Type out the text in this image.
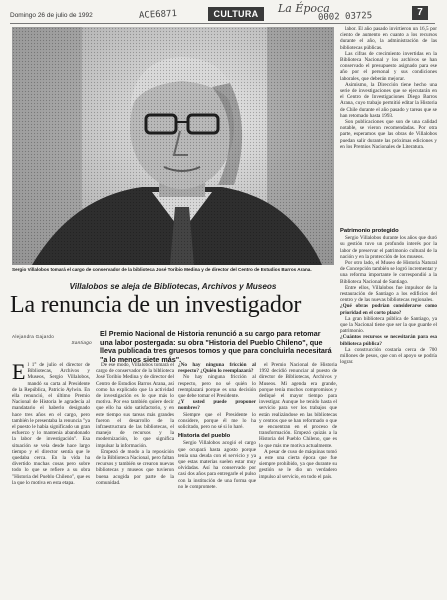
Domingo 26 de julio de 1992	ACE6871	CULTURA	La Época
0002 03725	7
Sergio Villalobos tomará el cargo de conservador de la biblioteca José Toribio Medina y de director del Centro de Estudios Barros Arana.

labor. El año pasado invirtieron un 16,5 por ciento de aumento en cuanto a los recursos durante el año, la administración de las bibliotecas públicas.

Las cifras de crecimiento invertidas en la Biblioteca Nacional y los archivos se han conservado el presupuesto asignado para ese año por el personal y sus condiciones laborales, que deberán mejorar.

Asimismo, la Dirección tiene hecho una serie de investigaciones que se ejecutarán en el Centro de Investigaciones Diego Barros Arana, cuyo trabajo permitió editar la Historia de Chile durante el año pasado y tareas que se han retomado hasta 1993.

Son publicaciones que son de una calidad notable, se vieron recomendadas. Por otra parte, esperamos que las obras de Villalobos puedan salir durante las próximas ediciones y en los Premios Nacionales de Literatura.

Villalobos se aleja de Bibliotecas, Archivos y Museos
La renuncia de un investigador
Alejandra Gajardo
Santiago
El Premio Nacional de Historia renunció a su cargo para retomar una labor postergada: su obra "Historia del Pueblo Chileno", que lleva publicada tres gruesos tomos y que para concluirla necesitará "a lo menos siete más".
E l 1° de julio el director de Bibliotecas, Archivos y Museos, Sergio Villalobos, mandó su carta al Presidente de la República, Patricio Aylwin. En ella renunció, el último Premio Nacional de Historia le agradecía al mandatario el haberlo designado hace tres años en el cargo, pero también le presentaba la renuncia "ya el puesto le había significado un gran esfuerzo y lo mantenía abandonado la labor de investigación". Esa situación se veía desde hace largo tiempo y el director sentía que le quedaba cerca. En la vida ha divertido muchas cosas pero sobre todo lo que se refiere a su obra "Historia del Pueblo Chileno", que es la que lo motiva en esta etapa.

De ese modo, Villalobos tomará el cargo de conservador de la biblioteca José Toribio Medina y de director del Centro de Estudios Barros Arana, así como ha explicado que la actividad de investigación es lo que más lo motiva. Por eso también quiere decir que ello ha sido satisfactorio, y en este tiempo sus tareas más grandes fueron el desarrollo de la infraestructura de las bibliotecas, el manejo de recursos y la modernización, lo que significa impulsar la información.

Empezó de modo a la reposición de la Biblioteca Nacional, pero faltan recursos y también se crearon nuevas bibliotecas y museos que tuvieron buena acogida por parte de la comunidad.

¿No hay ninguna fricción al respecto? ¿Quién lo reemplazará?

No hay ninguna fricción al respecto, pero no sé quién lo reemplazará porque es una decisión que debe tomar el Presidente.

¿Y usted puede proponer nombres?

Siempre que el Presidente lo considere, porque él me lo ha solicitado, pero no sé si lo haré.

Historia del pueblo

Sergio Villalobos acogió el cargo que ocupará hasta agosto porque tenía una deuda con el servicio y ya que estas materias suelen estar muy olvidadas. Así ha conservado por casi dos años para entregarle el pulso con la institución de una forma que no le compromete.

el Premio Nacional de Historia 1992 decidió renunciar al puesto de director de Bibliotecas, Archivos y Museos. Mi agenda era grande, porque tenía muchos compromisos y dediqué el mayor tiempo para investigar. Aunque he tenido hasta el servicio para ver los trabajos que están realizándose en las bibliotecas y centros que se han reformado o que se encuentran en el proceso de transformación. Empezó quizás a la Historia del Pueblo Chileno, que es lo que más me motiva actualmente.

A pesar de cuso de máquinas tomó a este una cierta época que fue siempre prohibido, ya que durante su gestión se le dio un verdadero impulso al servicio, en todo el país.

Patrimonio protegido

Sergio Villalobos durante los años que duró su gestión tuvo un profundo interés por la labor de preservar el patrimonio cultural de la nación y en la protección de los museos.

Por otro lado, el Museo de Historia Natural de Concepción también se logró incrementar y una reforma importante le correspondió a la Biblioteca Nacional de Santiago.

Entre ellos, Villalobos fue impulsor de la restauración de Santiago a los edificios del centro y de las nuevas bibliotecas regionales.

¿Qué obras podrían considerarse como prioridad en el corto plazo?

La gran biblioteca pública de Santiago, ya que la Nacional tiene que ser la que guarde el patrimonio.

¿Cuántos recursos se necesitarán para esa biblioteca pública?

La construcción costaría cerca de 700 millones de pesos, que con el apoyo se podría lograr.
